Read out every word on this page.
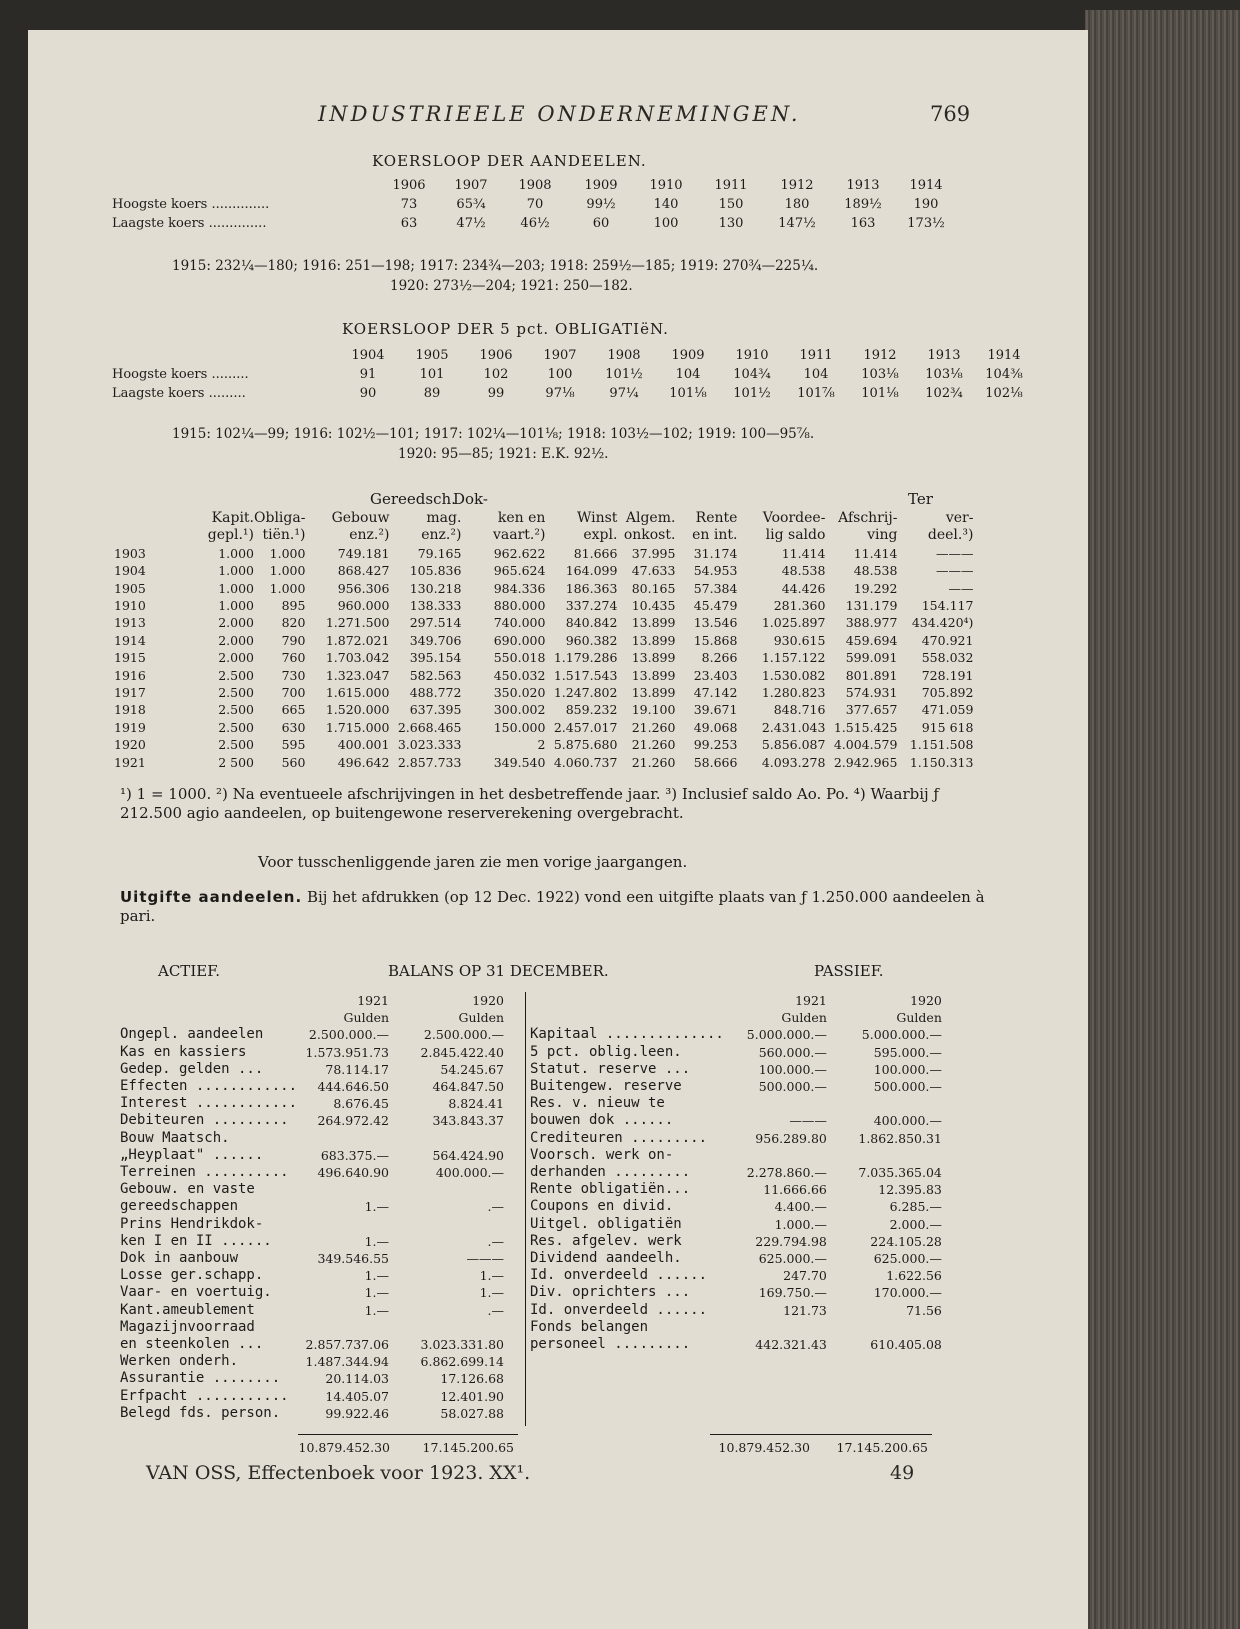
INDUSTRIEELE ONDERNEMINGEN.	769
KOERSLOOP DER AANDEELEN.
	1906	1907	1908	1909	1910	1911	1912	1913	1914
Hoogste koers ..............	73	65¾	70	99½	140	150	180	189½	190
Laagste koers ..............	63	47½	46½	60	100	130	147½	163	173½
1915: 232¼—180; 1916: 251—198; 1917: 234¾—203; 1918: 259½—185; 1919: 270¾—225¼.
1920: 273½—204; 1921: 250—182.
KOERSLOOP DER 5 pct. OBLIGATIëN.
	1904	1905	1906	1907	1908	1909	1910	1911	1912	1913	1914
Hoogste koers .........	91	101	102	100	101½	104	104¾	104	103⅛	103⅛	104⅜
Laagste koers .........	90	89	99	97⅛	97¼	101⅛	101½	101⅞	101⅛	102¾	102⅛
1915: 102¼—99; 1916: 102½—101; 1917: 102¼—101⅛; 1918: 103½—102; 1919: 100—95⅞.
1920: 95—85; 1921: E.K. 92½.
Gereedsch.
Dok-	Ter
	Kapit.	Obliga-	Gebouw	mag.	ken en	Winst	Algem.	Rente	Voordee-	Afschrij-	ver-
	gepl.¹)	tiën.¹)	enz.²)	enz.²)	vaart.²)	expl.	onkost.	en int.	lig saldo	ving	deel.³)
1903	1.000	1.000	749.181	79.165	962.622	81.666	37.995	31.174	11.414	11.414	———
1904	1.000	1.000	868.427	105.836	965.624	164.099	47.633	54.953	48.538	48.538	———
1905	1.000	1.000	956.306	130.218	984.336	186.363	80.165	57.384	44.426	19.292	——
1910	1.000	895	960.000	138.333	880.000	337.274	10.435	45.479	281.360	131.179	154.117
1913	2.000	820	1.271.500	297.514	740.000	840.842	13.899	13.546	1.025.897	388.977	434.420⁴)
1914	2.000	790	1.872.021	349.706	690.000	960.382	13.899	15.868	930.615	459.694	470.921
1915	2.000	760	1.703.042	395.154	550.018	1.179.286	13.899	8.266	1.157.122	599.091	558.032
1916	2.500	730	1.323.047	582.563	450.032	1.517.543	13.899	23.403	1.530.082	801.891	728.191
1917	2.500	700	1.615.000	488.772	350.020	1.247.802	13.899	47.142	1.280.823	574.931	705.892
1918	2.500	665	1.520.000	637.395	300.002	859.232	19.100	39.671	848.716	377.657	471.059
1919	2.500	630	1.715.000	2.668.465	150.000	2.457.017	21.260	49.068	2.431.043	1.515.425	915 618
1920	2.500	595	400.001	3.023.333	2	5.875.680	21.260	99.253	5.856.087	4.004.579	1.151.508
1921	2 500	560	496.642	2.857.733	349.540	4.060.737	21.260	58.666	4.093.278	2.942.965	1.150.313
¹) 1 = 1000. ²) Na eventueele afschrijvingen in het desbetreffende jaar. ³) Inclusief saldo Ao. Po. ⁴) Waarbij ƒ 212.500 agio aandeelen, op buitengewone reserverekening overgebracht.
Voor tusschenliggende jaren zie men vorige jaargangen.
Uitgifte aandeelen. Bij het afdrukken (op 12 Dec. 1922) vond een uitgifte plaats van ƒ 1.250.000 aandeelen à pari.
ACTIEF.	BALANS OP 31 DECEMBER.	PASSIEF.
	1921	1920
	Gulden	Gulden
Ongepl. aandeelen	2.500.000.—	2.500.000.—
Kas en kassiers	1.573.951.73	2.845.422.40
Gedep. gelden ...	78.114.17	54.245.67
Effecten ............	444.646.50	464.847.50
Interest ............	8.676.45	8.824.41
Debiteuren .........	264.972.42	343.843.37
Bouw Maatsch.		
„Heyplaat" ......	683.375.—	564.424.90
Terreinen ..........	496.640.90	400.000.—
Gebouw. en vaste		
gereedschappen	1.—	.—
Prins Hendrikdok-		
ken I en II ......	1.—	.—
Dok in aanbouw	349.546.55	———
Losse ger.schapp.	1.—	1.—
Vaar- en voertuig.	1.—	1.—
Kant.ameublement	1.—	.—
Magazijnvoorraad		
en steenkolen ...	2.857.737.06	3.023.331.80
Werken onderh.	1.487.344.94	6.862.699.14
Assurantie ........	20.114.03	17.126.68
Erfpacht ...........	14.405.07	12.401.90
Belegd fds. person.	99.922.46	58.027.88
	1921	1920
	Gulden	Gulden
Kapitaal ..............	5.000.000.—	5.000.000.—
5 pct. oblig.leen.	560.000.—	595.000.—
Statut. reserve ...	100.000.—	100.000.—
Buitengew. reserve	500.000.—	500.000.—
Res. v. nieuw te		
bouwen dok ......	———	400.000.—
Crediteuren .........	956.289.80	1.862.850.31
Voorsch. werk on-		
derhanden .........	2.278.860.—	7.035.365.04
Rente obligatiën...	11.666.66	12.395.83
Coupons en divid.	4.400.—	6.285.—
Uitgel. obligatiën	1.000.—	2.000.—
Res. afgelev. werk	229.794.98	224.105.28
Dividend aandeelh.	625.000.—	625.000.—
Id. onverdeeld ......	247.70	1.622.56
Div. oprichters ...	169.750.—	170.000.—
Id. onverdeeld ......	121.73	71.56
Fonds belangen		
personeel .........	442.321.43	610.405.08
10.879.452.30	17.145.200.65	10.879.452.30	17.145.200.65
VAN OSS, Effectenboek voor 1923. XX¹.	49
